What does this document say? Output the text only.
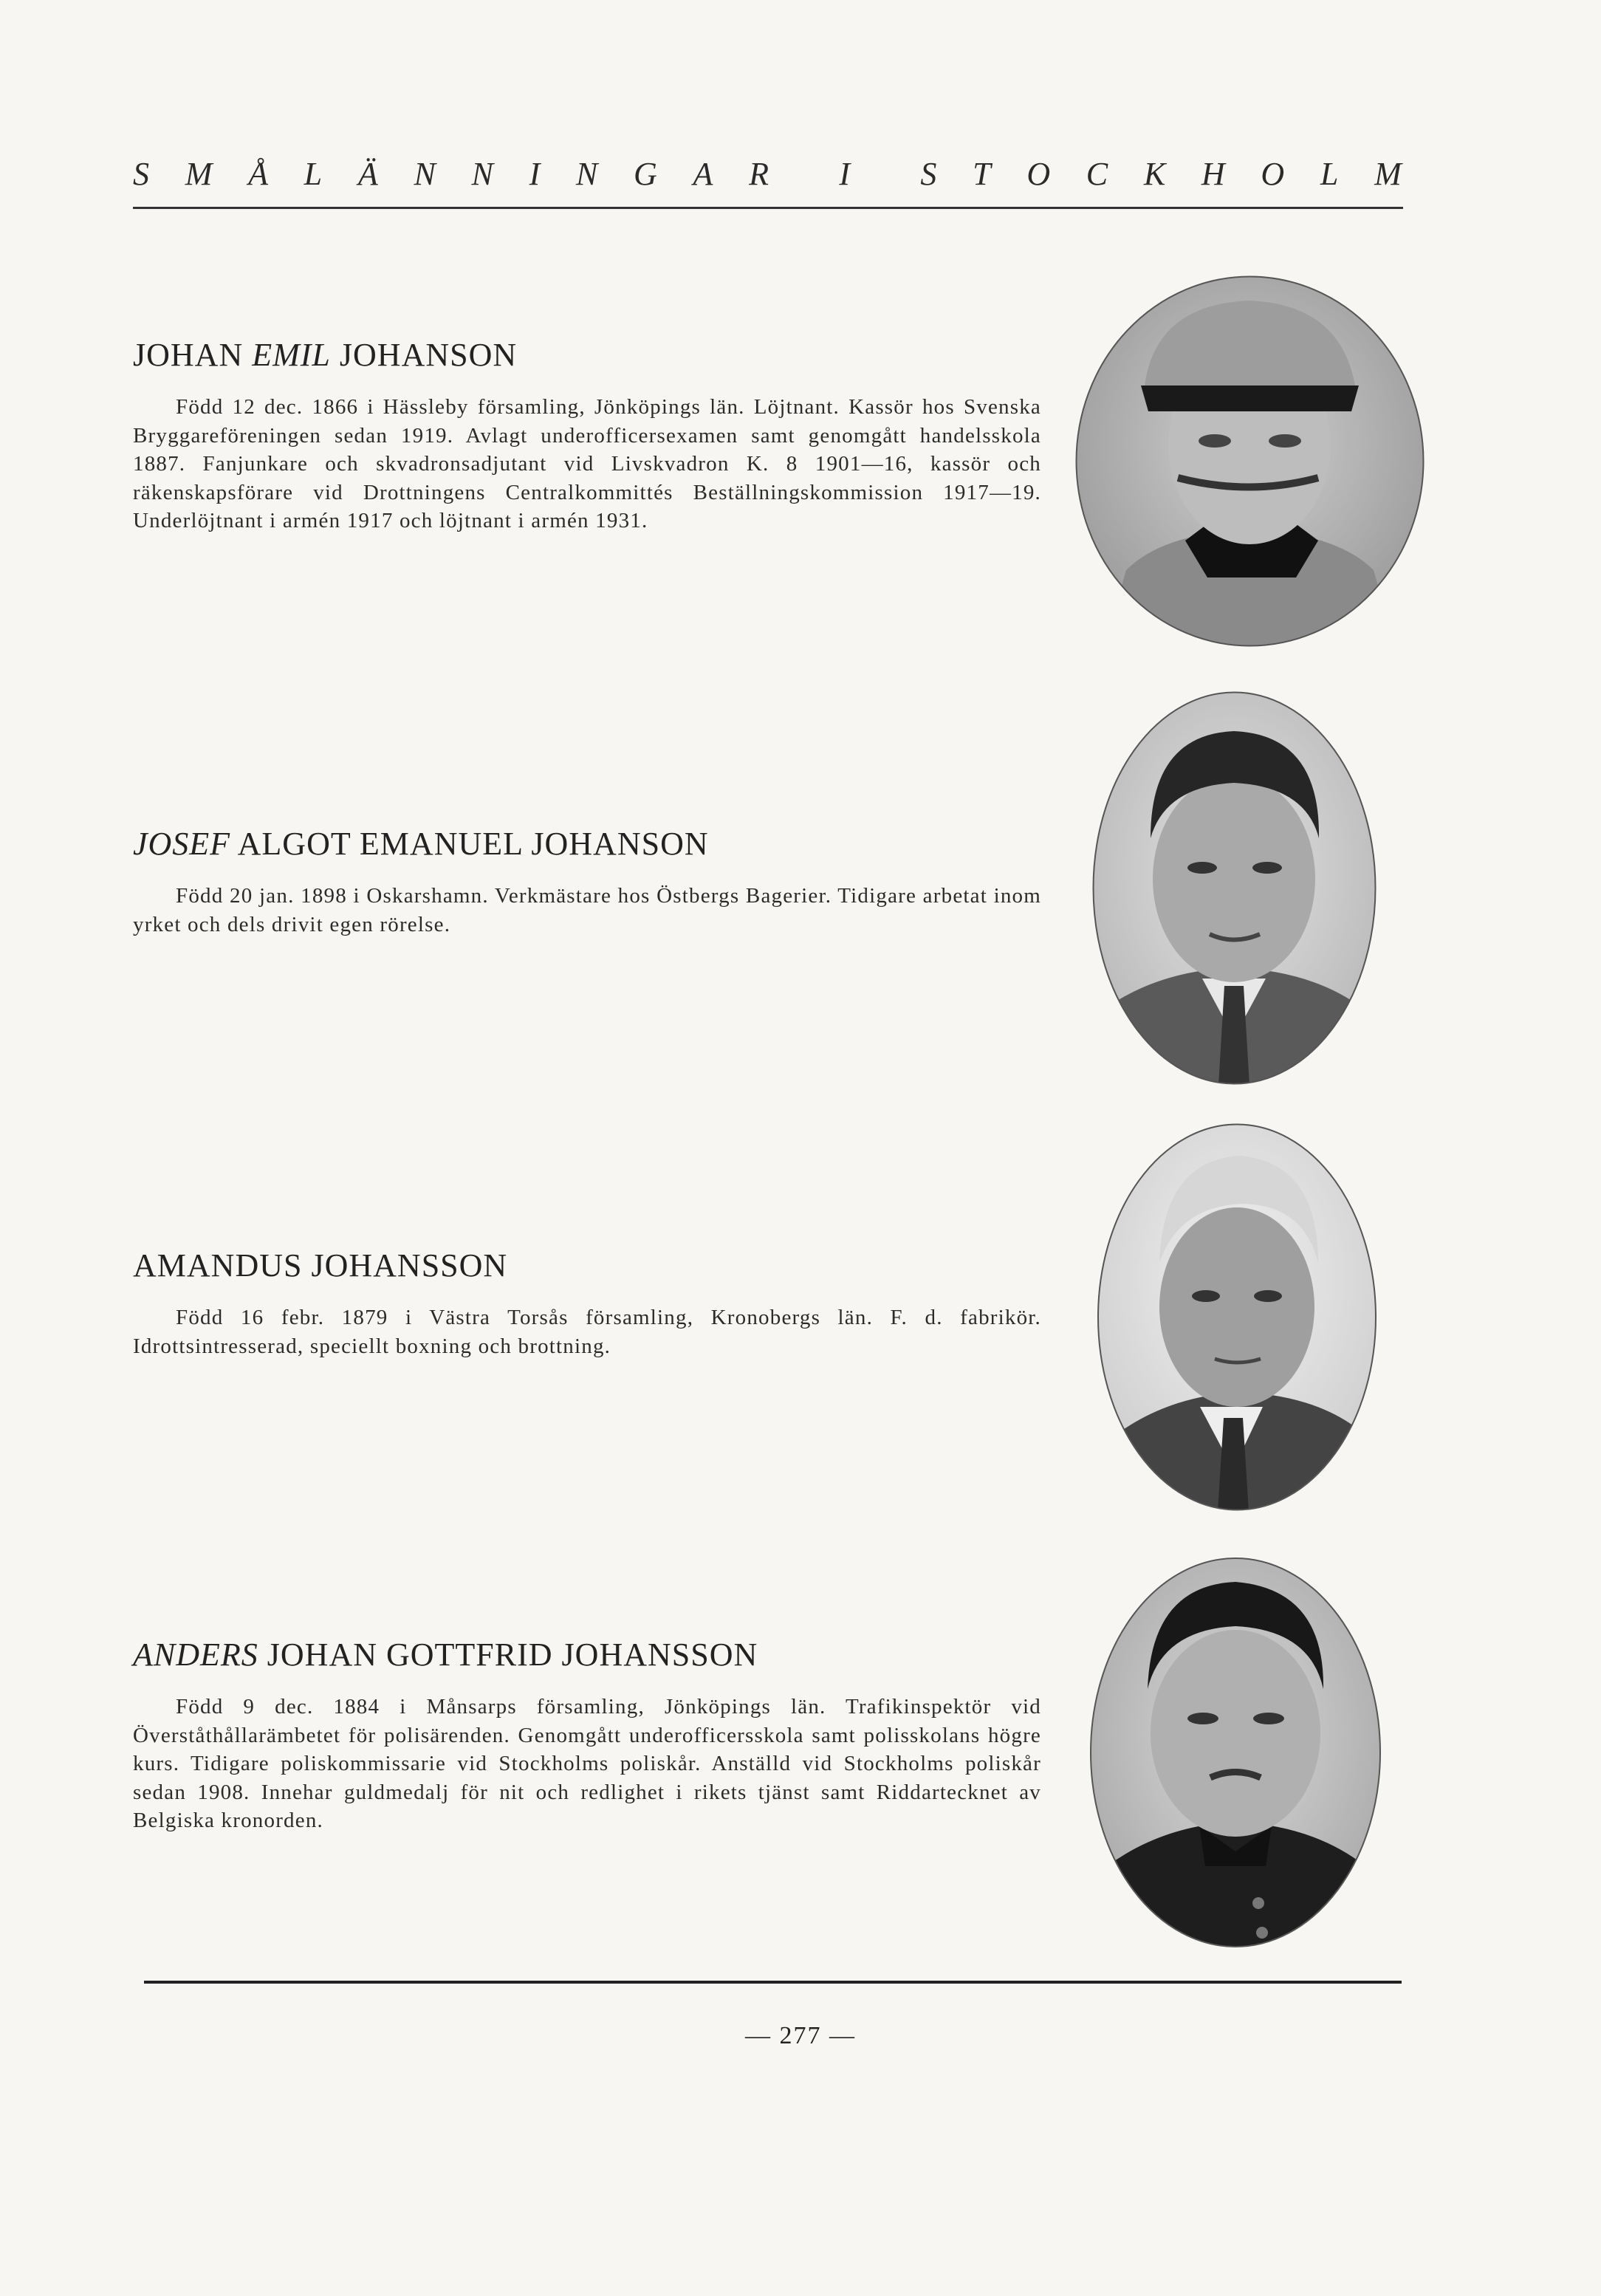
S M Å L Ä N N I N G A R I S T O C K H O L M
JOHAN EMIL JOHANSON

Född 12 dec. 1866 i Hässleby församling, Jönköpings län. Löjtnant. Kassör hos Svenska Bryggareföreningen sedan 1919. Avlagt underofficersexamen samt genomgått handelsskola 1887. Fanjunkare och skvadronsadjutant vid Livskvadron K. 8 1901—16, kassör och räkenskapsförare vid Drottningens Centralkommittés Beställningskommission 1917—19. Underlöjtnant i armén 1917 och löjtnant i armén 1931.

JOSEF ALGOT EMANUEL JOHANSON

Född 20 jan. 1898 i Oskarshamn. Verkmästare hos Östbergs Bagerier. Tidigare arbetat inom yrket och dels drivit egen rörelse.

AMANDUS JOHANSSON

Född 16 febr. 1879 i Västra Torsås församling, Kronobergs län. F. d. fabrikör. Idrottsintresserad, speciellt boxning och brottning.

ANDERS JOHAN GOTTFRID JOHANSSON

Född 9 dec. 1884 i Månsarps församling, Jönköpings län. Trafikinspektör vid Överståthållarämbetet för polisärenden. Genomgått underofficersskola samt polisskolans högre kurs. Tidigare poliskommissarie vid Stockholms poliskår. Anställd vid Stockholms poliskår sedan 1908. Innehar guldmedalj för nit och redlighet i rikets tjänst samt Riddartecknet av Belgiska kronorden.

— 277 —
